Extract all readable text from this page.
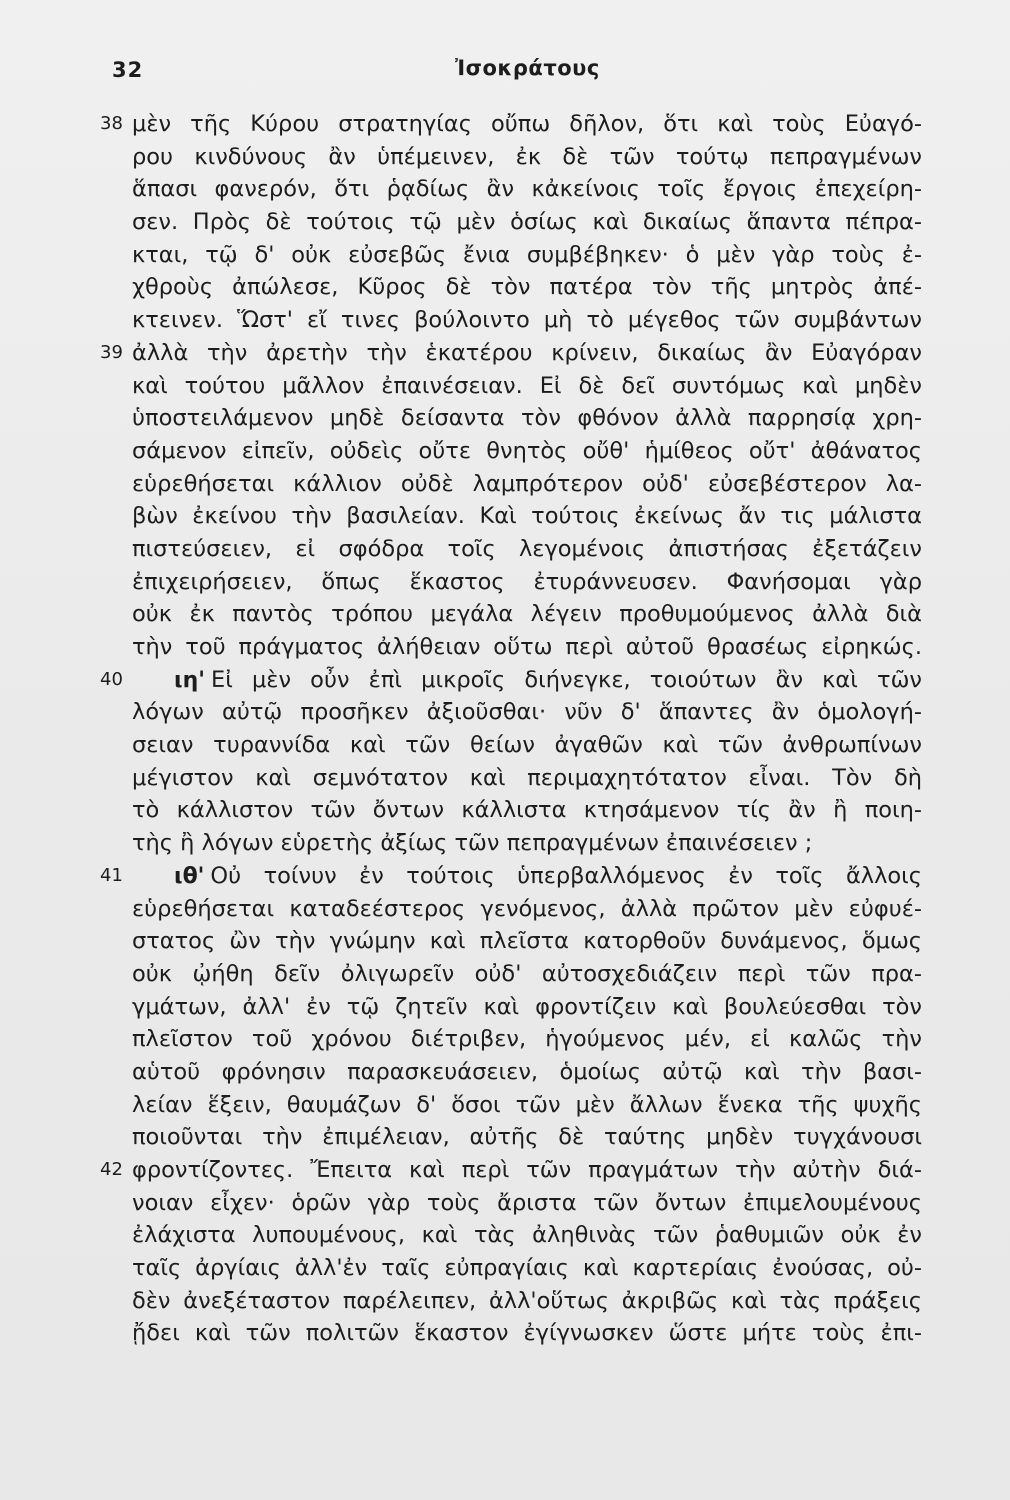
32	Ἰσοκράτους
38 μὲν τῆς Κύρου στρατηγίας οὔπω δῆλον, ὅτι καὶ τοὺς Εὐαγό-
ρου κινδύνους ἂν ὑπέμεινεν, ἐκ δὲ τῶν τούτῳ πεπραγμένων
ἅπασι φανερόν, ὅτι ῥᾳδίως ἂν κἀκείνοις τοῖς ἔργοις ἐπεχείρη-
σεν. Πρὸς δὲ τούτοις τῷ μὲν ὁσίως καὶ δικαίως ἅπαντα πέπρα-
κται, τῷ δ' οὐκ εὐσεβῶς ἔνια συμβέβηκεν· ὁ μὲν γὰρ τοὺς ἐ-
χθροὺς ἀπώλεσε, Κῦρος δὲ τὸν πατέρα τὸν τῆς μητρὸς ἀπέ-
κτεινεν. Ὥστ' εἴ τινες βούλοιντο μὴ τὸ μέγεθος τῶν συμβάντων
39 ἀλλὰ τὴν ἀρετὴν τὴν ἑκατέρου κρίνειν, δικαίως ἂν Εὐαγόραν
καὶ τούτου μᾶλλον ἐπαινέσειαν. Εἰ δὲ δεῖ συντόμως καὶ μηδὲν
ὑποστειλάμενον μηδὲ δείσαντα τὸν φθόνον ἀλλὰ παρρησίᾳ χρη-
σάμενον εἰπεῖν, οὐδεὶς οὔτε θνητὸς οὔθ' ἡμίθεος οὔτ' ἀθάνατος
εὑρεθήσεται κάλλιον οὐδὲ λαμπρότερον οὐδ' εὐσεβέστερον λα-
βὼν ἐκείνου τὴν βασιλείαν. Καὶ τούτοις ἐκείνως ἄν τις μάλιστα
πιστεύσειεν, εἰ σφόδρα τοῖς λεγομένοις ἀπιστήσας ἐξετάζειν
ἐπιχειρήσειεν, ὅπως ἕκαστος ἐτυράννευσεν. Φανήσομαι γὰρ
οὐκ ἐκ παντὸς τρόπου μεγάλα λέγειν προθυμούμενος ἀλλὰ διὰ
τὴν τοῦ πράγματος ἀλήθειαν οὕτω περὶ αὐτοῦ θρασέως εἰρηκώς.
40	ιη' Εἰ μὲν οὖν ἐπὶ μικροῖς διήνεγκε, τοιούτων ἂν καὶ τῶν
λόγων αὐτῷ προσῆκεν ἀξιοῦσθαι· νῦν δ' ἅπαντες ἂν ὁμολογή-
σειαν τυραννίδα καὶ τῶν θείων ἀγαθῶν καὶ τῶν ἀνθρωπίνων
μέγιστον καὶ σεμνότατον καὶ περιμαχητότατον εἶναι. Τὸν δὴ
τὸ κάλλιστον τῶν ὄντων κάλλιστα κτησάμενον τίς ἂν ἢ ποιη-
τὴς ἢ λόγων εὑρετὴς ἀξίως τῶν πεπραγμένων ἐπαινέσειεν ;
41	ιθ' Οὐ τοίνυν ἐν τούτοις ὑπερβαλλόμενος ἐν τοῖς ἄλλοις
εὑρεθήσεται καταδεέστερος γενόμενος, ἀλλὰ πρῶτον μὲν εὐφυέ-
στατος ὢν τὴν γνώμην καὶ πλεῖστα κατορθοῦν δυνάμενος, ὅμως
οὐκ ᾠήθη δεῖν ὀλιγωρεῖν οὐδ' αὐτοσχεδιάζειν περὶ τῶν πρα-
γμάτων, ἀλλ' ἐν τῷ ζητεῖν καὶ φροντίζειν καὶ βουλεύεσθαι τὸν
πλεῖστον τοῦ χρόνου διέτριβεν, ἡγούμενος μέν, εἰ καλῶς τὴν
αὑτοῦ φρόνησιν παρασκευάσειεν, ὁμοίως αὐτῷ καὶ τὴν βασι-
λείαν ἕξειν, θαυμάζων δ' ὅσοι τῶν μὲν ἄλλων ἕνεκα τῆς ψυχῆς
ποιοῦνται τὴν ἐπιμέλειαν, αὐτῆς δὲ ταύτης μηδὲν τυγχάνουσι
42 φροντίζοντες. Ἔπειτα καὶ περὶ τῶν πραγμάτων τὴν αὐτὴν διά-
νοιαν εἶχεν· ὁρῶν γὰρ τοὺς ἄριστα τῶν ὄντων ἐπιμελουμένους
ἐλάχιστα λυπουμένους, καὶ τὰς ἀληθινὰς τῶν ῥαθυμιῶν οὐκ ἐν
ταῖς ἀργίαις ἀλλ'ἐν ταῖς εὐπραγίαις καὶ καρτερίαις ἐνούσας, οὐ-
δὲν ἀνεξέταστον παρέλειπεν, ἀλλ'οὕτως ἀκριβῶς καὶ τὰς πράξεις
ᾔδει καὶ τῶν πολιτῶν ἕκαστον ἐγίγνωσκεν ὥστε μήτε τοὺς ἐπι-
